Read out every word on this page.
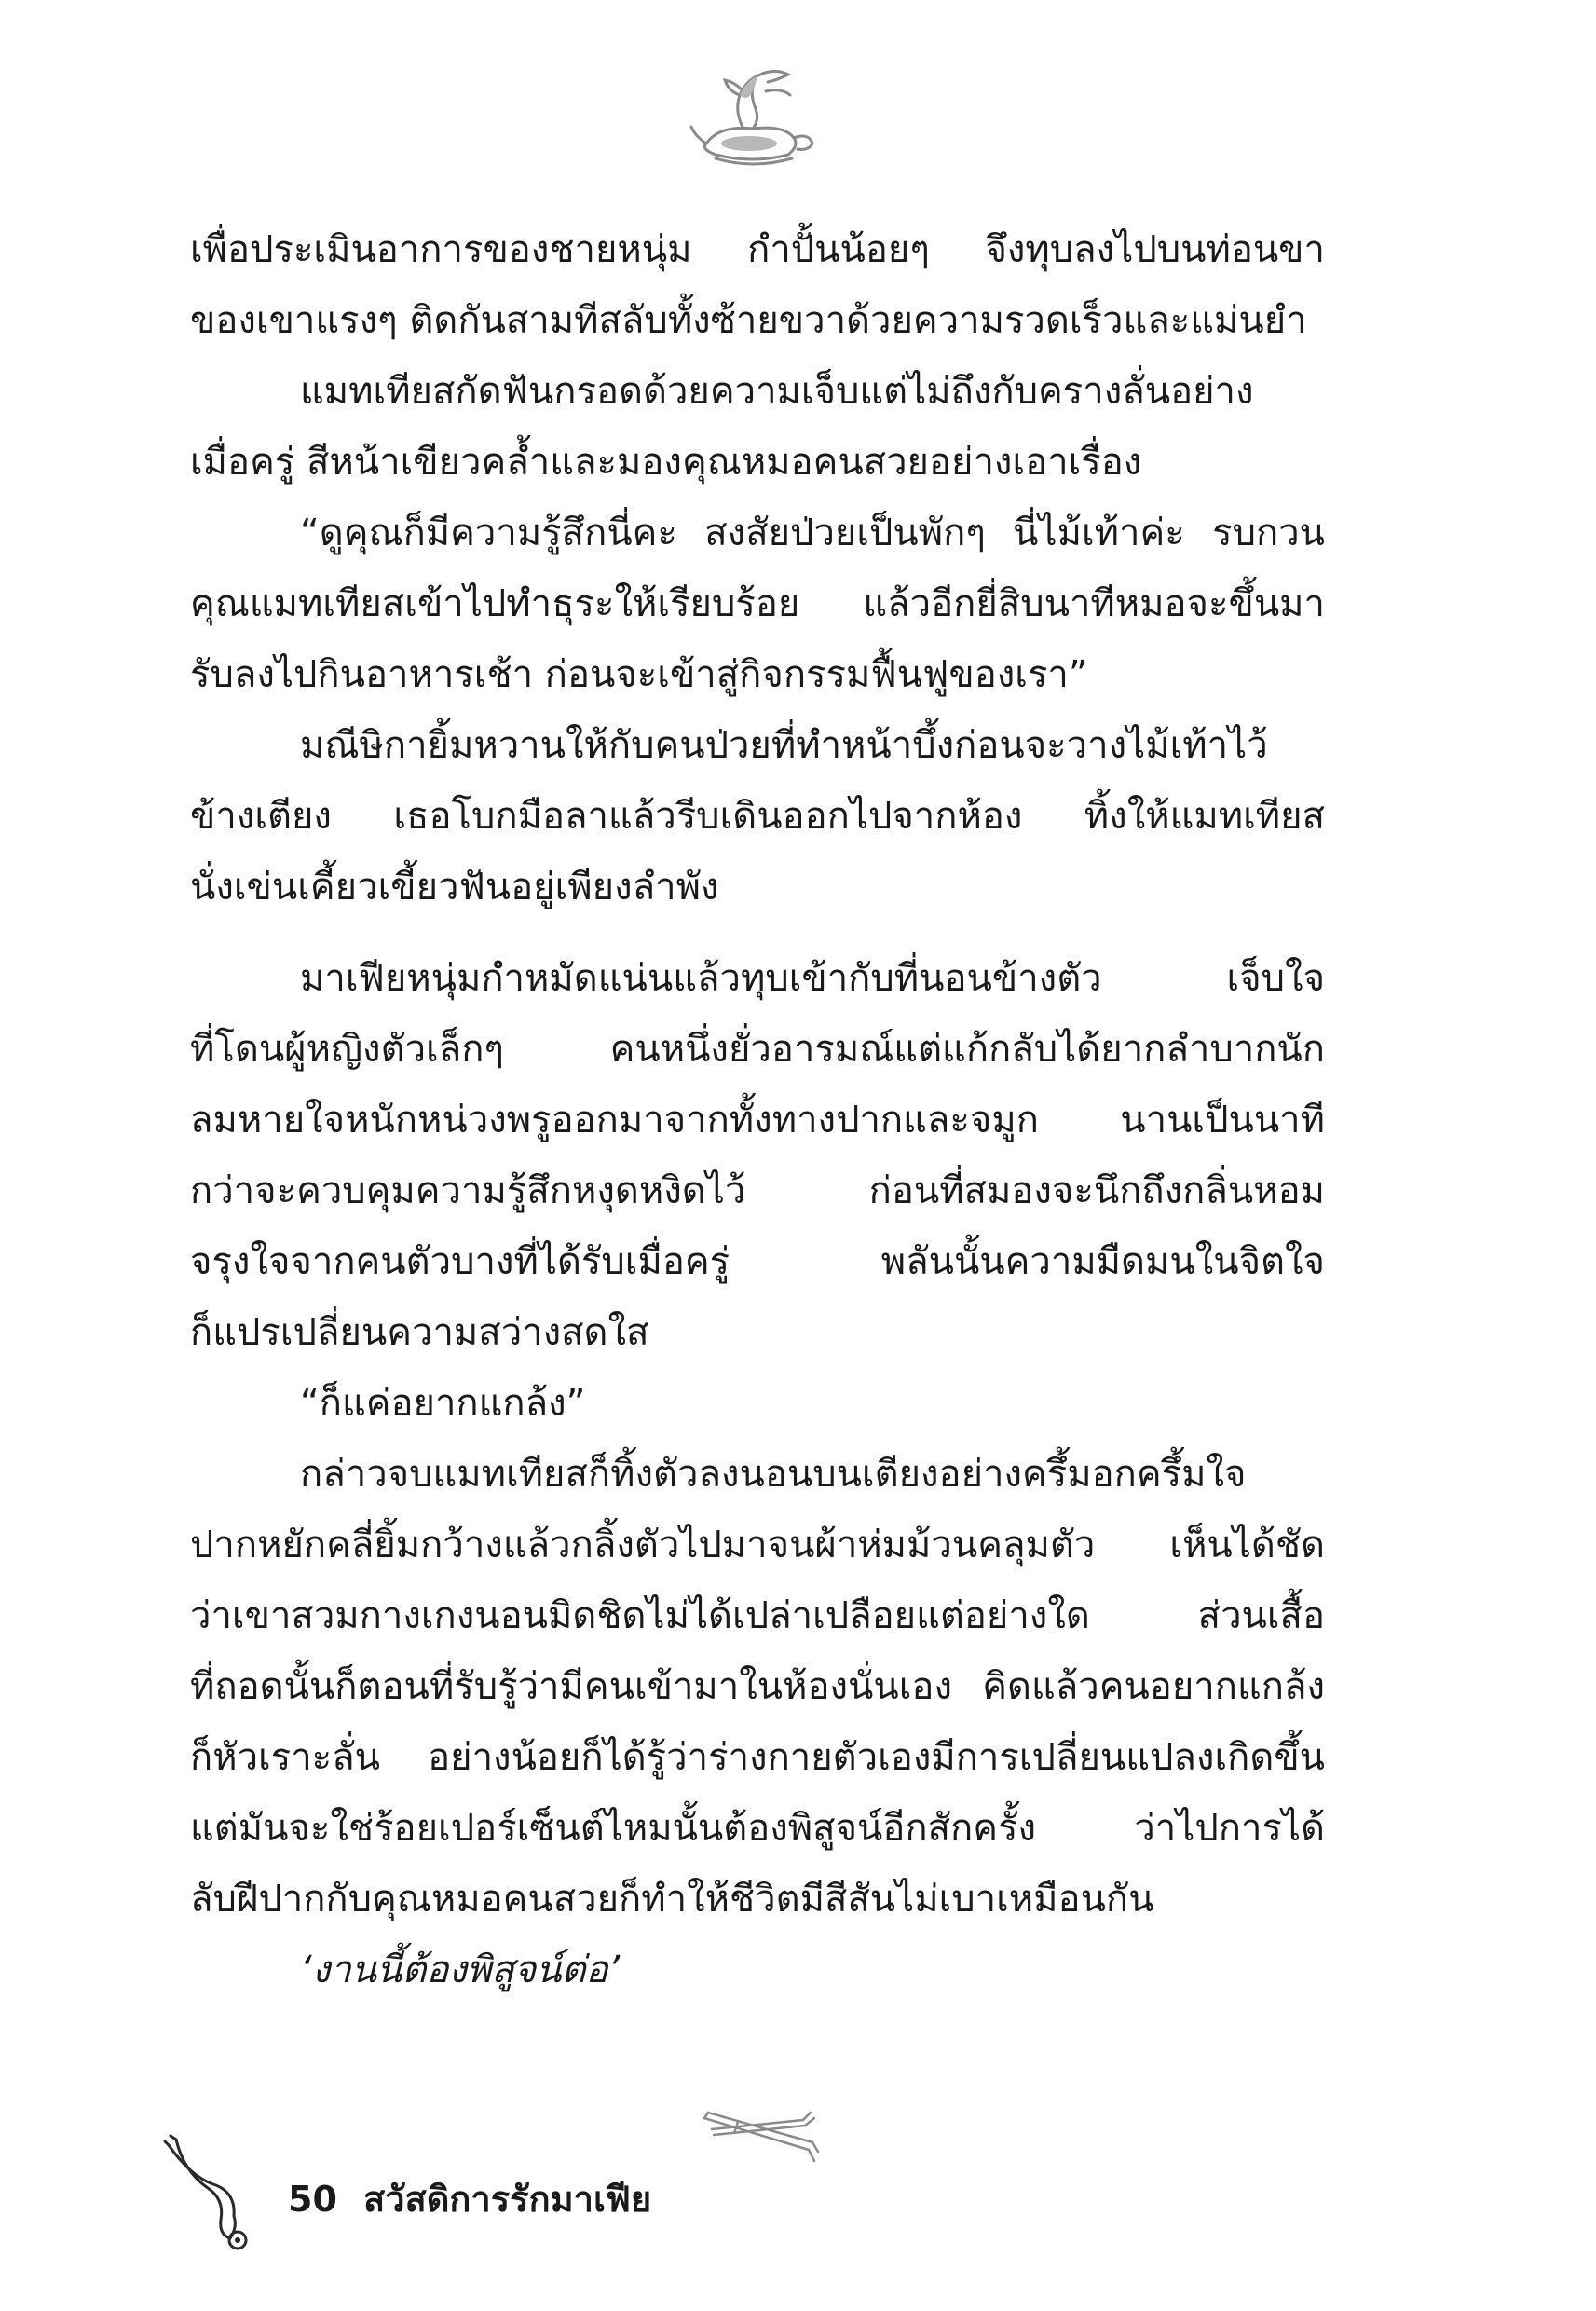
เพื่อประเมินอาการของชายหนุ่ม กำปั้นน้อยๆ จึงทุบลงไปบนท่อนขา
ของเขาแรงๆ ติดกันสามทีสลับทั้งซ้ายขวาด้วยความรวดเร็วและแม่นยำ
แมทเทียสกัดฟันกรอดด้วยความเจ็บแต่ไม่ถึงกับครางลั่นอย่าง
เมื่อครู่ สีหน้าเขียวคล้ำและมองคุณหมอคนสวยอย่างเอาเรื่อง
“ดูคุณก็มีความรู้สึกนี่คะ สงสัยป่วยเป็นพักๆ นี่ไม้เท้าค่ะ รบกวน
คุณแมทเทียสเข้าไปทำธุระให้เรียบร้อย แล้วอีกยี่สิบนาทีหมอจะขึ้นมา
รับลงไปกินอาหารเช้า ก่อนจะเข้าสู่กิจกรรมฟื้นฟูของเรา”
มณีษิกายิ้มหวานให้กับคนป่วยที่ทำหน้าบึ้งก่อนจะวางไม้เท้าไว้
ข้างเตียง เธอโบกมือลาแล้วรีบเดินออกไปจากห้อง ทิ้งให้แมทเทียส
นั่งเข่นเคี้ยวเขี้ยวฟันอยู่เพียงลำพัง
มาเฟียหนุ่มกำหมัดแน่นแล้วทุบเข้ากับที่นอนข้างตัว เจ็บใจ
ที่โดนผู้หญิงตัวเล็กๆ คนหนึ่งยั่วอารมณ์แต่แก้กลับได้ยากลำบากนัก
ลมหายใจหนักหน่วงพรูออกมาจากทั้งทางปากและจมูก นานเป็นนาที
กว่าจะควบคุมความรู้สึกหงุดหงิดไว้ ก่อนที่สมองจะนึกถึงกลิ่นหอม
จรุงใจจากคนตัวบางที่ได้รับเมื่อครู่ พลันนั้นความมืดมนในจิตใจ
ก็แปรเปลี่ยนความสว่างสดใส
“ก็แค่อยากแกล้ง”
กล่าวจบแมทเทียสก็ทิ้งตัวลงนอนบนเตียงอย่างครึ้มอกครึ้มใจ
ปากหยักคลี่ยิ้มกว้างแล้วกลิ้งตัวไปมาจนผ้าห่มม้วนคลุมตัว เห็นได้ชัด
ว่าเขาสวมกางเกงนอนมิดชิดไม่ได้เปล่าเปลือยแต่อย่างใด ส่วนเสื้อ
ที่ถอดนั้นก็ตอนที่รับรู้ว่ามีคนเข้ามาในห้องนั่นเอง คิดแล้วคนอยากแกล้ง
ก็หัวเราะลั่น อย่างน้อยก็ได้รู้ว่าร่างกายตัวเองมีการเปลี่ยนแปลงเกิดขึ้น
แต่มันจะใช่ร้อยเปอร์เซ็นต์ไหมนั้นต้องพิสูจน์อีกสักครั้ง ว่าไปการได้
ลับฝีปากกับคุณหมอคนสวยก็ทำให้ชีวิตมีสีสันไม่เบาเหมือนกัน
‘งานนี้ต้องพิสูจน์ต่อ’
50 สวัสดิการรักมาเฟีย
